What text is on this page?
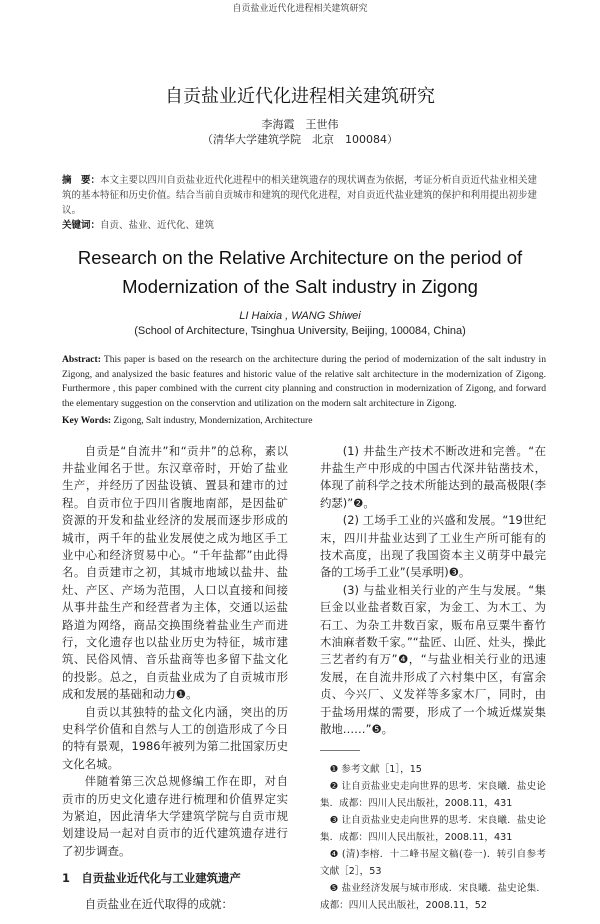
自贡盐业近代化进程相关建筑研究
自贡盐业近代化进程相关建筑研究
李海霞　王世伟
（清华大学建筑学院　北京　100084）
摘　要：本文主要以四川自贡盐业近代化进程中的相关建筑遗存的现状调查为依据，考证分析自贡近代盐业相关建筑的基本特征和历史价值。结合当前自贡城市和建筑的现代化进程，对自贡近代盐业建筑的保护和利用提出初步建议。
关键词：自贡、盐业、近代化、建筑
Research on the Relative Architecture on the period of
Modernization of the Salt industry in Zigong
LI Haixia , WANG Shiwei
(School of Architecture, Tsinghua University, Beijing, 100084, China)
Abstract: This paper is based on the research on the architecture during the period of modernization of the salt industry in Zigong, and analysized the basic features and historic value of the relative salt architecture in the modernization of Zigong. Furthermore , this paper combined with the current city planning and construction in modernization of Zigong, and forward the elementary suggestion on the conservtion and utilization on the modern salt architecture in Zigong.
Key Words: Zigong, Salt industry, Mondernization, Architecture

自贡是“自流井”和“贡井”的总称，素以井盐业闻名于世。东汉章帝时，开始了盐业生产，并经历了因盐设镇、置县和建市的过程。自贡市位于四川省腹地南部，是因盐矿资源的开发和盐业经济的发展而逐步形成的城市，两千年的盐业发展使之成为地区手工业中心和经济贸易中心。“千年盐都”由此得名。自贡建市之初，其城市地域以盐井、盐灶、产区、产场为范围，人口以直接和间接从事井盐生产和经营者为主体，交通以运盐路道为网络，商品交换围绕着盐业生产而进行，文化遗存也以盐业历史为特征，城市建筑、民俗风情、音乐盐商等也多留下盐文化的投影。总之，自贡盐业成为了自贡城市形成和发展的基础和动力❶。

自贡以其独特的盐文化内涵，突出的历史科学价值和自然与人工的创造形成了今日的特有景观，1986年被列为第二批国家历史文化名城。

伴随着第三次总规修编工作在即，对自贡市的历史文化遗存进行梳理和价值界定实为紧迫，因此清华大学建筑学院与自贡市规划建设局一起对自贡市的近代建筑遗存进行了初步调查。

1　自贡盐业近代化与工业建筑遗产

自贡盐业在近代取得的成就：

(1) 井盐生产技术不断改进和完善。“在井盐生产中形成的中国古代深井钻凿技术，体现了前科学之技术所能达到的最高极限(李约瑟)”❷。

(2) 工场手工业的兴盛和发展。“19世纪末，四川井盐业达到了工业生产所可能有的技术高度，出现了我国资本主义萌芽中最完备的工场手工业”(吴承明)❸。

(3) 与盐业相关行业的产生与发展。“集巨金以业盐者数百家，为金工、为木工、为石工、为杂工井数百家，贩布帛豆粟牛畜竹木油麻者数千家。”“盐匠、山匠、灶头，操此三艺者约有万”❹，“与盐业相关行业的迅速发展，在自流井形成了六村集中区，有富余贞、今兴厂、义发祥等多家木厂，同时，由于盐场用煤的需要，形成了一个城近煤炭集散地……”❺。

❶ 参考文献［1］，15

❷ 让自贡盐业史走向世界的思考．宋良曦．盐史论集．成都：四川人民出版社，2008.11，431

❸ 让自贡盐业史走向世界的思考．宋良曦．盐史论集．成都：四川人民出版社，2008.11，431

❹ (清)李榕．十二峰书屋文稿(卷一)．转引自参考文献［2］，53

❺ 盐业经济发展与城市形成．宋良曦．盐史论集．成都：四川人民出版社，2008.11，52
